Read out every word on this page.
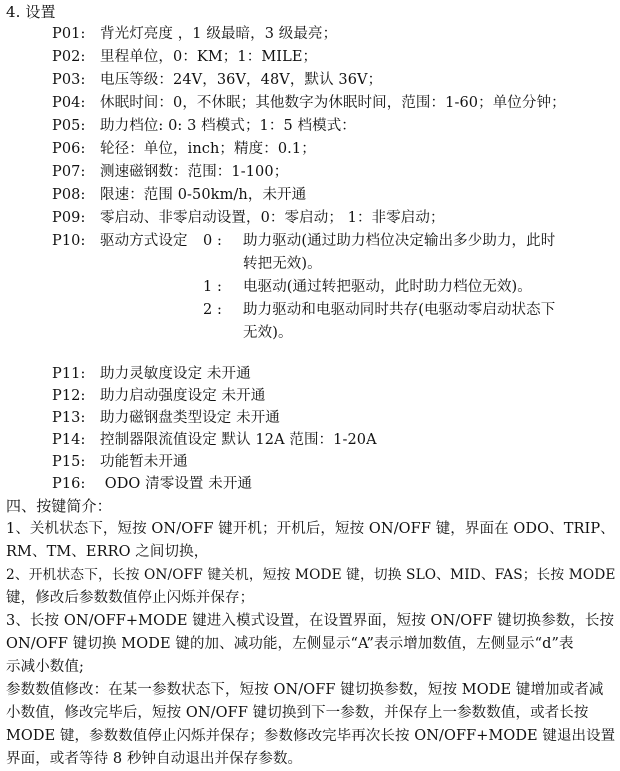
4. 设置
P01: 背光灯亮度 ，1 级最暗，3 级最亮；
P02: 里程单位，0：KM；1：MILE；
P03: 电压等级：24V，36V，48V，默认 36V；
P04: 休眠时间：0，不休眠；其他数字为休眠时间，范围：1-60；单位分钟；
P05: 助力档位: 0: 3 档模式；1：5 档模式：
P06: 轮径：单位，inch；精度：0.1；
P07: 测速磁钢数：范围：1-100；
P08: 限速：范围 0-50km/h，未开通
P09: 零启动、非零启动设置，0：零启动； 1：非零启动；
P10: 驱动方式设定 0 : 助力驱动(通过助力档位决定输出多少助力，此时
转把无效)。
1 : 电驱动(通过转把驱动，此时助力档位无效)。
2 : 助力驱动和电驱动同时共存(电驱动零启动状态下
无效)。
P11: 助力灵敏度设定 未开通
P12: 助力启动强度设定 未开通
P13: 助力磁钢盘类型设定 未开通
P14: 控制器限流值设定 默认 12A 范围：1-20A
P15: 功能暂未开通
P16: ODO 清零设置 未开通
四、按键简介：
1、关机状态下，短按 ON/OFF 键开机；开机后，短按 ON/OFF 键，界面在 ODO、TRIP、
RM、TM、ERRO 之间切换，
2、开机状态下，长按 ON/OFF 键关机，短按 MODE 键，切换 SLO、MID、FAS；长按 MODE
键，修改后参数数值停止闪烁并保存；
3、长按 ON/OFF+MODE 键进入模式设置，在设置界面，短按 ON/OFF 键切换参数，长按
ON/OFF 键切换 MODE 键的加、减功能，左侧显示“A”表示增加数值，左侧显示“d”表
示减小数值;
参数数值修改：在某一参数状态下，短按 ON/OFF 键切换参数，短按 MODE 键增加或者减
小数值，修改完毕后，短按 ON/OFF 键切换到下一参数，并保存上一参数数值，或者长按
MODE 键，参数数值停止闪烁并保存；参数修改完毕再次长按 ON/OFF+MODE 键退出设置
界面，或者等待 8 秒钟自动退出并保存参数。
